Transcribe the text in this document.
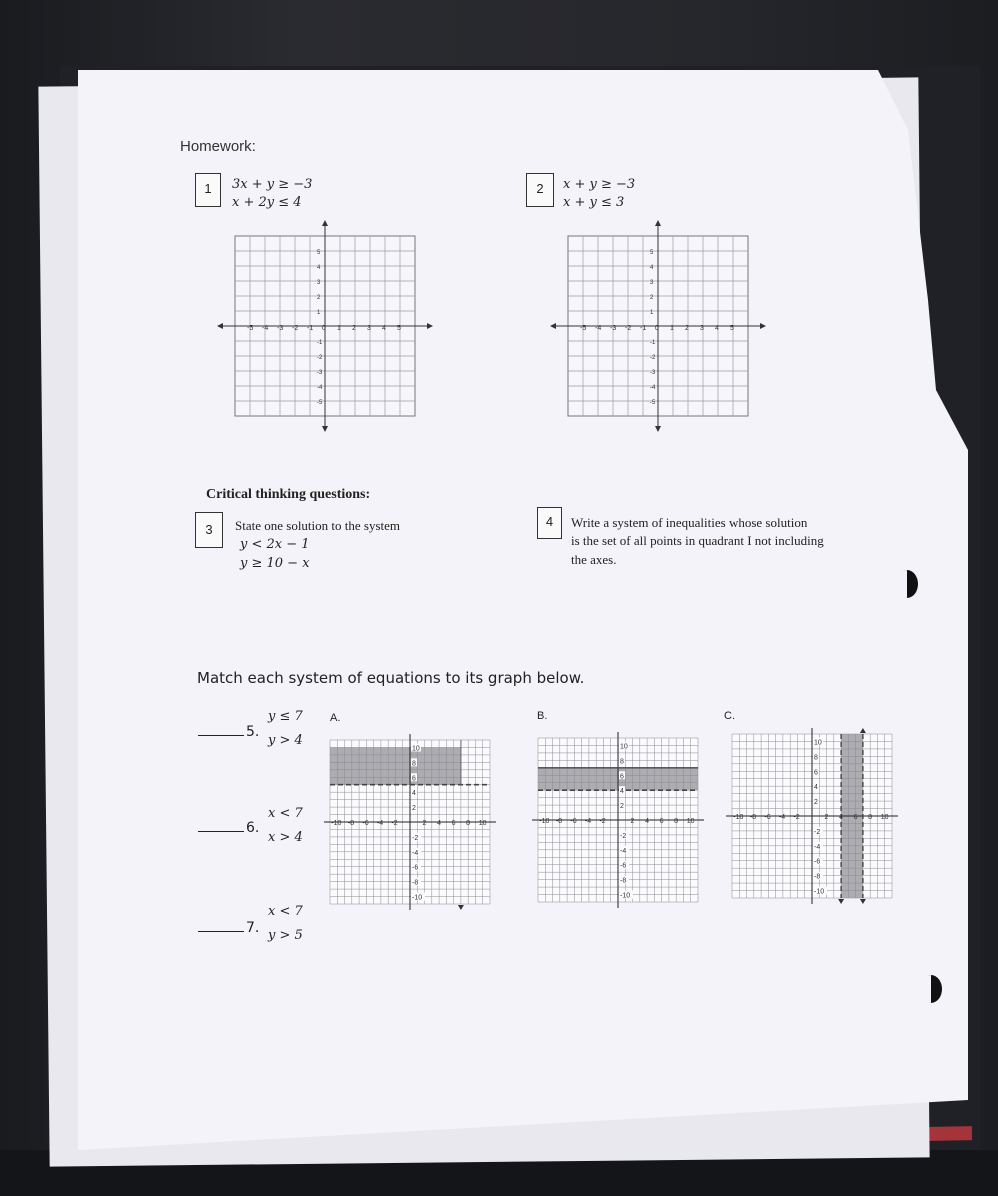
Homework:
1	3x + y ≥ −3
x + 2y ≤ 4
2	x + y ≥ −3
x + y ≤ 3
-5 -4 -3 -2 -1 0 1 2 3 4 5
5
4
3
2
1
-1
-2
-3
-4
-5
-5 -4 -3 -2 -1 0 1 2 3 4 5
5
4
3
2
1
-1
-2
-3
-4
-5
Critical thinking questions:
3	State one solution to the system
y < 2x − 1
y ≥ 10 − x
4	Write a system of inequalities whose solution
is the set of all points in quadrant I not including
the axes.
Match each system of equations to its graph below.
5.
y ≤ 7
y > 4
6.
x < 7
x > 4
7.
x < 7
y > 5
A.	B.	C.
10
8
6
4
2
-2
-4
-6
-8
-10
-10 -8 -6 -4 -2	2 4 6 8 10
10
8
6
4
2
-2
-4
-6
-8
-10
-10 -8 -6 -4 -2	2 4 6 8 10
10
8
6
4
2
-2
-4
-6
-8
-10
-10 -8 -6 -4 -2	2 4 6 8 10
